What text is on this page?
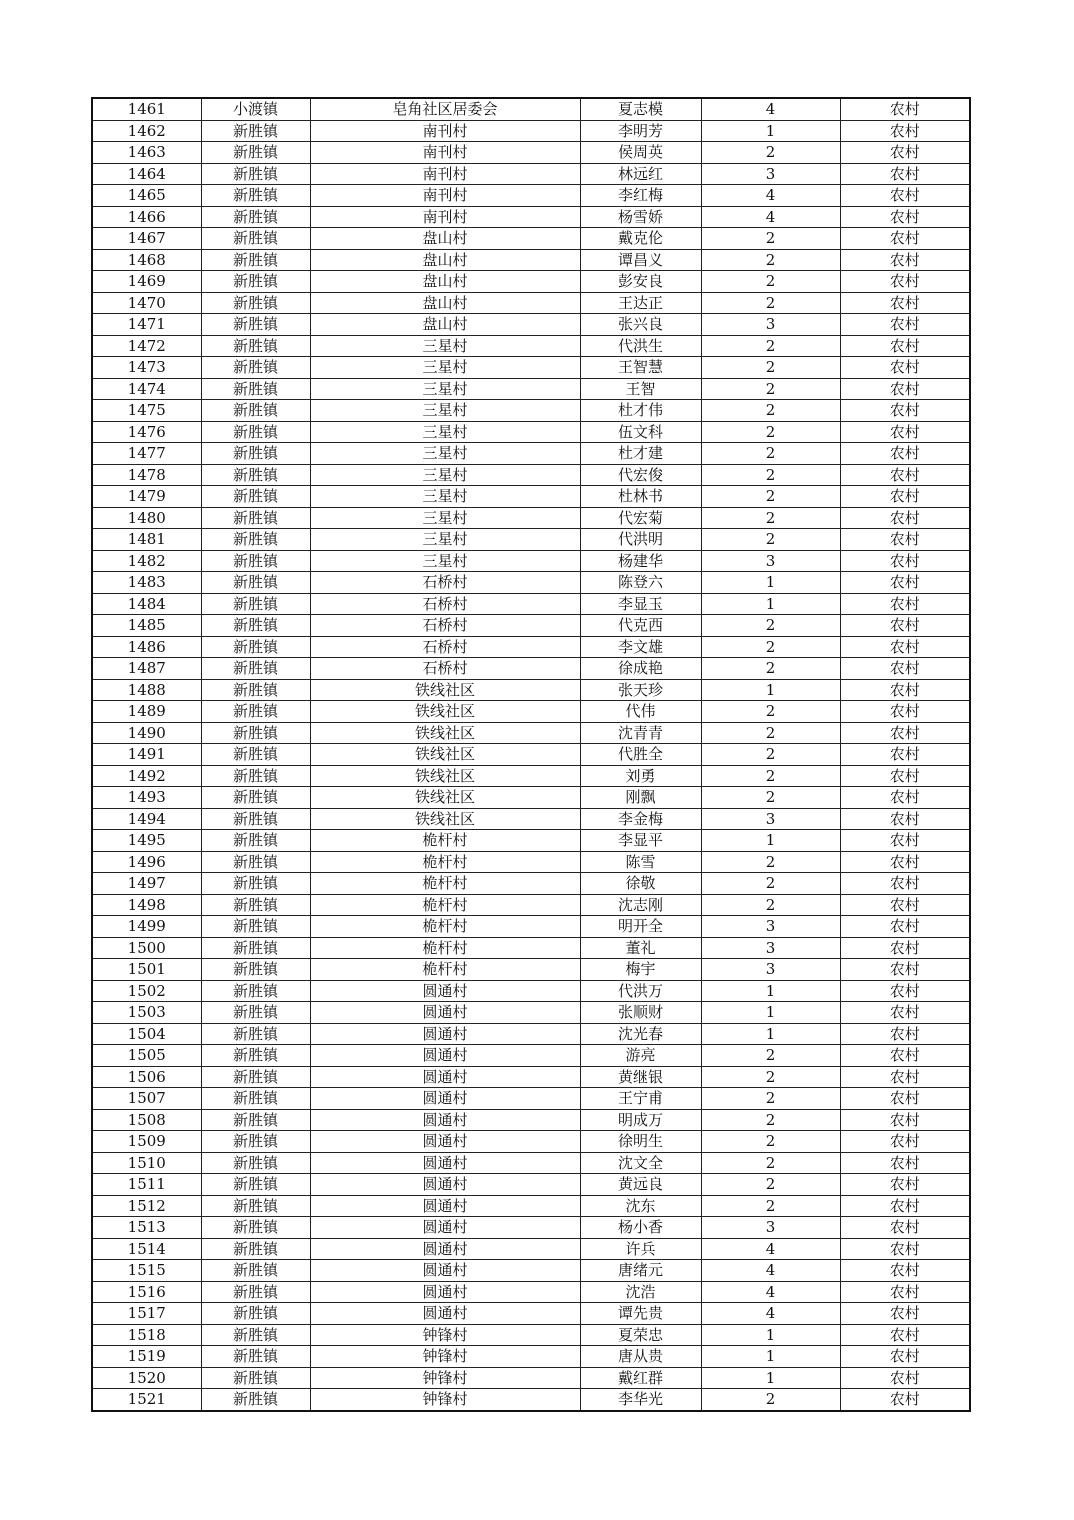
1461	小渡镇	皂角社区居委会	夏志模	4	农村
1462	新胜镇	南刊村	李明芳	1	农村
1463	新胜镇	南刊村	侯周英	2	农村
1464	新胜镇	南刊村	林远红	3	农村
1465	新胜镇	南刊村	李红梅	4	农村
1466	新胜镇	南刊村	杨雪娇	4	农村
1467	新胜镇	盘山村	戴克伦	2	农村
1468	新胜镇	盘山村	谭昌义	2	农村
1469	新胜镇	盘山村	彭安良	2	农村
1470	新胜镇	盘山村	王达正	2	农村
1471	新胜镇	盘山村	张兴良	3	农村
1472	新胜镇	三星村	代洪生	2	农村
1473	新胜镇	三星村	王智慧	2	农村
1474	新胜镇	三星村	王智	2	农村
1475	新胜镇	三星村	杜才伟	2	农村
1476	新胜镇	三星村	伍文科	2	农村
1477	新胜镇	三星村	杜才建	2	农村
1478	新胜镇	三星村	代宏俊	2	农村
1479	新胜镇	三星村	杜林书	2	农村
1480	新胜镇	三星村	代宏菊	2	农村
1481	新胜镇	三星村	代洪明	2	农村
1482	新胜镇	三星村	杨建华	3	农村
1483	新胜镇	石桥村	陈登六	1	农村
1484	新胜镇	石桥村	李显玉	1	农村
1485	新胜镇	石桥村	代克西	2	农村
1486	新胜镇	石桥村	李文雄	2	农村
1487	新胜镇	石桥村	徐成艳	2	农村
1488	新胜镇	铁线社区	张天珍	1	农村
1489	新胜镇	铁线社区	代伟	2	农村
1490	新胜镇	铁线社区	沈青青	2	农村
1491	新胜镇	铁线社区	代胜全	2	农村
1492	新胜镇	铁线社区	刘勇	2	农村
1493	新胜镇	铁线社区	刚飘	2	农村
1494	新胜镇	铁线社区	李金梅	3	农村
1495	新胜镇	桅杆村	李显平	1	农村
1496	新胜镇	桅杆村	陈雪	2	农村
1497	新胜镇	桅杆村	徐敬	2	农村
1498	新胜镇	桅杆村	沈志刚	2	农村
1499	新胜镇	桅杆村	明开全	3	农村
1500	新胜镇	桅杆村	董礼	3	农村
1501	新胜镇	桅杆村	梅宇	3	农村
1502	新胜镇	圆通村	代洪万	1	农村
1503	新胜镇	圆通村	张顺财	1	农村
1504	新胜镇	圆通村	沈光春	1	农村
1505	新胜镇	圆通村	游亮	2	农村
1506	新胜镇	圆通村	黄继银	2	农村
1507	新胜镇	圆通村	王宁甫	2	农村
1508	新胜镇	圆通村	明成万	2	农村
1509	新胜镇	圆通村	徐明生	2	农村
1510	新胜镇	圆通村	沈文全	2	农村
1511	新胜镇	圆通村	黄远良	2	农村
1512	新胜镇	圆通村	沈东	2	农村
1513	新胜镇	圆通村	杨小香	3	农村
1514	新胜镇	圆通村	许兵	4	农村
1515	新胜镇	圆通村	唐绪元	4	农村
1516	新胜镇	圆通村	沈浩	4	农村
1517	新胜镇	圆通村	谭先贵	4	农村
1518	新胜镇	钟锋村	夏荣忠	1	农村
1519	新胜镇	钟锋村	唐从贵	1	农村
1520	新胜镇	钟锋村	戴红群	1	农村
1521	新胜镇	钟锋村	李华光	2	农村
